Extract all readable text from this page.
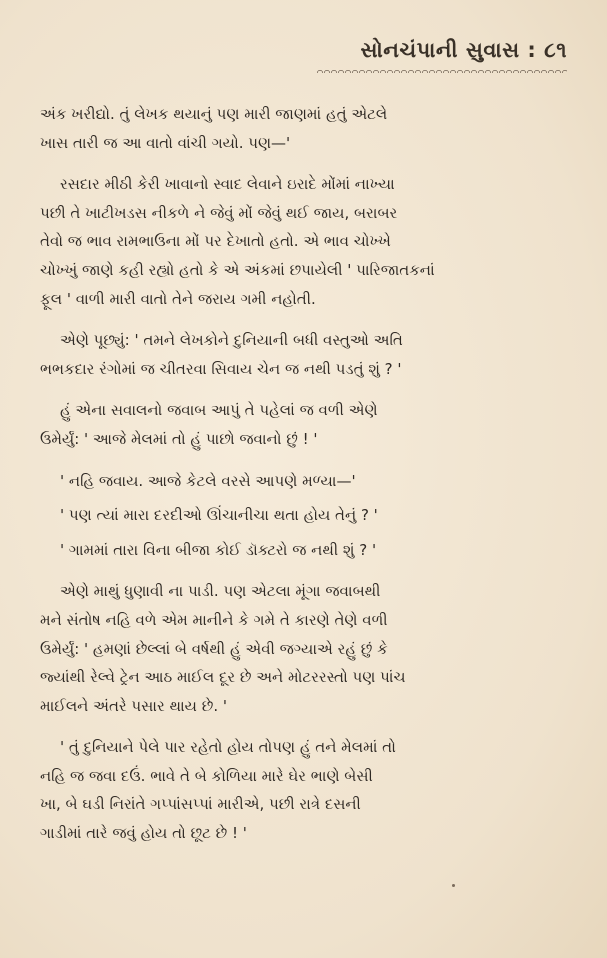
સોનચંપાની સુવાસ : ૮૧

અંક ખરીદ્યો. તું લેખક થયાનું પણ મારી જાણમાં હતું એટલે
ખાસ તારી જ આ વાતો વાંચી ગયો. પણ—'

રસદાર મીઠી કેરી ખાવાનો સ્વાદ લેવાને ઇરાદે મોંમાં નાખ્યા
પછી તે ખાટીખડસ નીકળે ને જેવું મોં જેવું થઈ જાય, બરાબર
તેવો જ ભાવ રામભાઉના મોં પર દેખાતો હતો. એ ભાવ ચોખ્ખે
ચોખ્ખું જાણે કહી રહ્યો હતો કે એ અંકમાં છપાયેલી ' પારિજાતકનાં
ફૂલ ' વાળી મારી વાતો તેને જરાય ગમી નહોતી.

એણે પૂછ્યું: ' તમને લેખકોને દુનિયાની બધી વસ્તુઓ અતિ
ભભકદાર રંગોમાં જ ચીતરવા સિવાય ચેન જ નથી પડતું શું ? '

હું એના સવાલનો જવાબ આપું તે પહેલાં જ વળી એણે
ઉમેર્યું: ' આજે મેલમાં તો હું પાછો જવાનો છું ! '

' નહિ જવાય. આજે કેટલે વરસે આપણે મળ્યા—'

' પણ ત્યાં મારા દરદીઓ ઊંચાનીચા થતા હોય તેનું ? '

' ગામમાં તારા વિના બીજા કોઈ ડૉક્ટરો જ નથી શું ? '

એણે માથું ધુણાવી ના પાડી. પણ એટલા મૂંગા જવાબથી
મને સંતોષ નહિ વળે એમ માનીને કે ગમે તે કારણે તેણે વળી
ઉમેર્યું: ' હમણાં છેલ્લાં બે વર્ષથી હું એવી જગ્યાએ રહું છું કે
જ્યાંથી રેલ્વે ટ્રેન આઠ માઈલ દૂર છે અને મોટરરસ્તો પણ પાંચ
માઈલને અંતરે પસાર થાય છે. '

' તું દુનિયાને પેલે પાર રહેતો હોય તોપણ હું તને મેલમાં તો
નહિ જ જવા દઉં. ભાવે તે બે કોળિયા મારે ઘેર ભાણે બેસી
ખા, બે ઘડી નિરાંતે ગપ્પાંસપ્પાં મારીએ, પછી રાત્રે દસની
ગાડીમાં તારે જવું હોય તો છૂટ છે ! '
